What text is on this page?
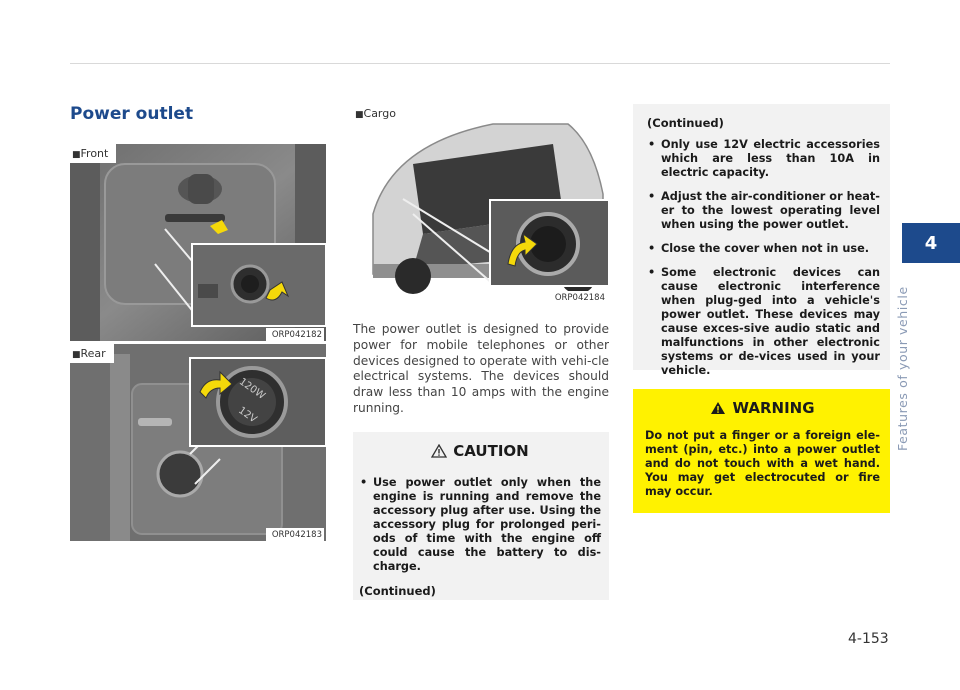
Power outlet
■ Front
ORP042182
120W
12V
■ Rear
ORP042183
■ Cargo
ORP042184

The power outlet is designed to provide power for mobile telephones or other devices designed to operate with vehi-cle electrical systems. The devices should draw less than 10 amps with the engine running.

CAUTION
• Use power outlet only when the engine is running and remove the accessory plug after use. Using the accessory plug for prolonged peri-ods of time with the engine off could cause the battery to dis-charge.
(Continued)
(Continued)
• Only use 12V electric accessories which are less than 10A in electric capacity.
• Adjust the air-conditioner or heat-er to the lowest operating level when using the power outlet.
• Close the cover when not in use.
• Some electronic devices can cause electronic interference when plug-ged into a vehicle's power outlet. These devices may cause exces-sive audio static and malfunctions in other electronic systems or de-vices used in your vehicle.
WARNING

Do not put a finger or a foreign ele-ment (pin, etc.) into a power outlet and do not touch with a wet hand. You may get electrocuted or fire may occur.

4
Features of your vehicle
4-153
